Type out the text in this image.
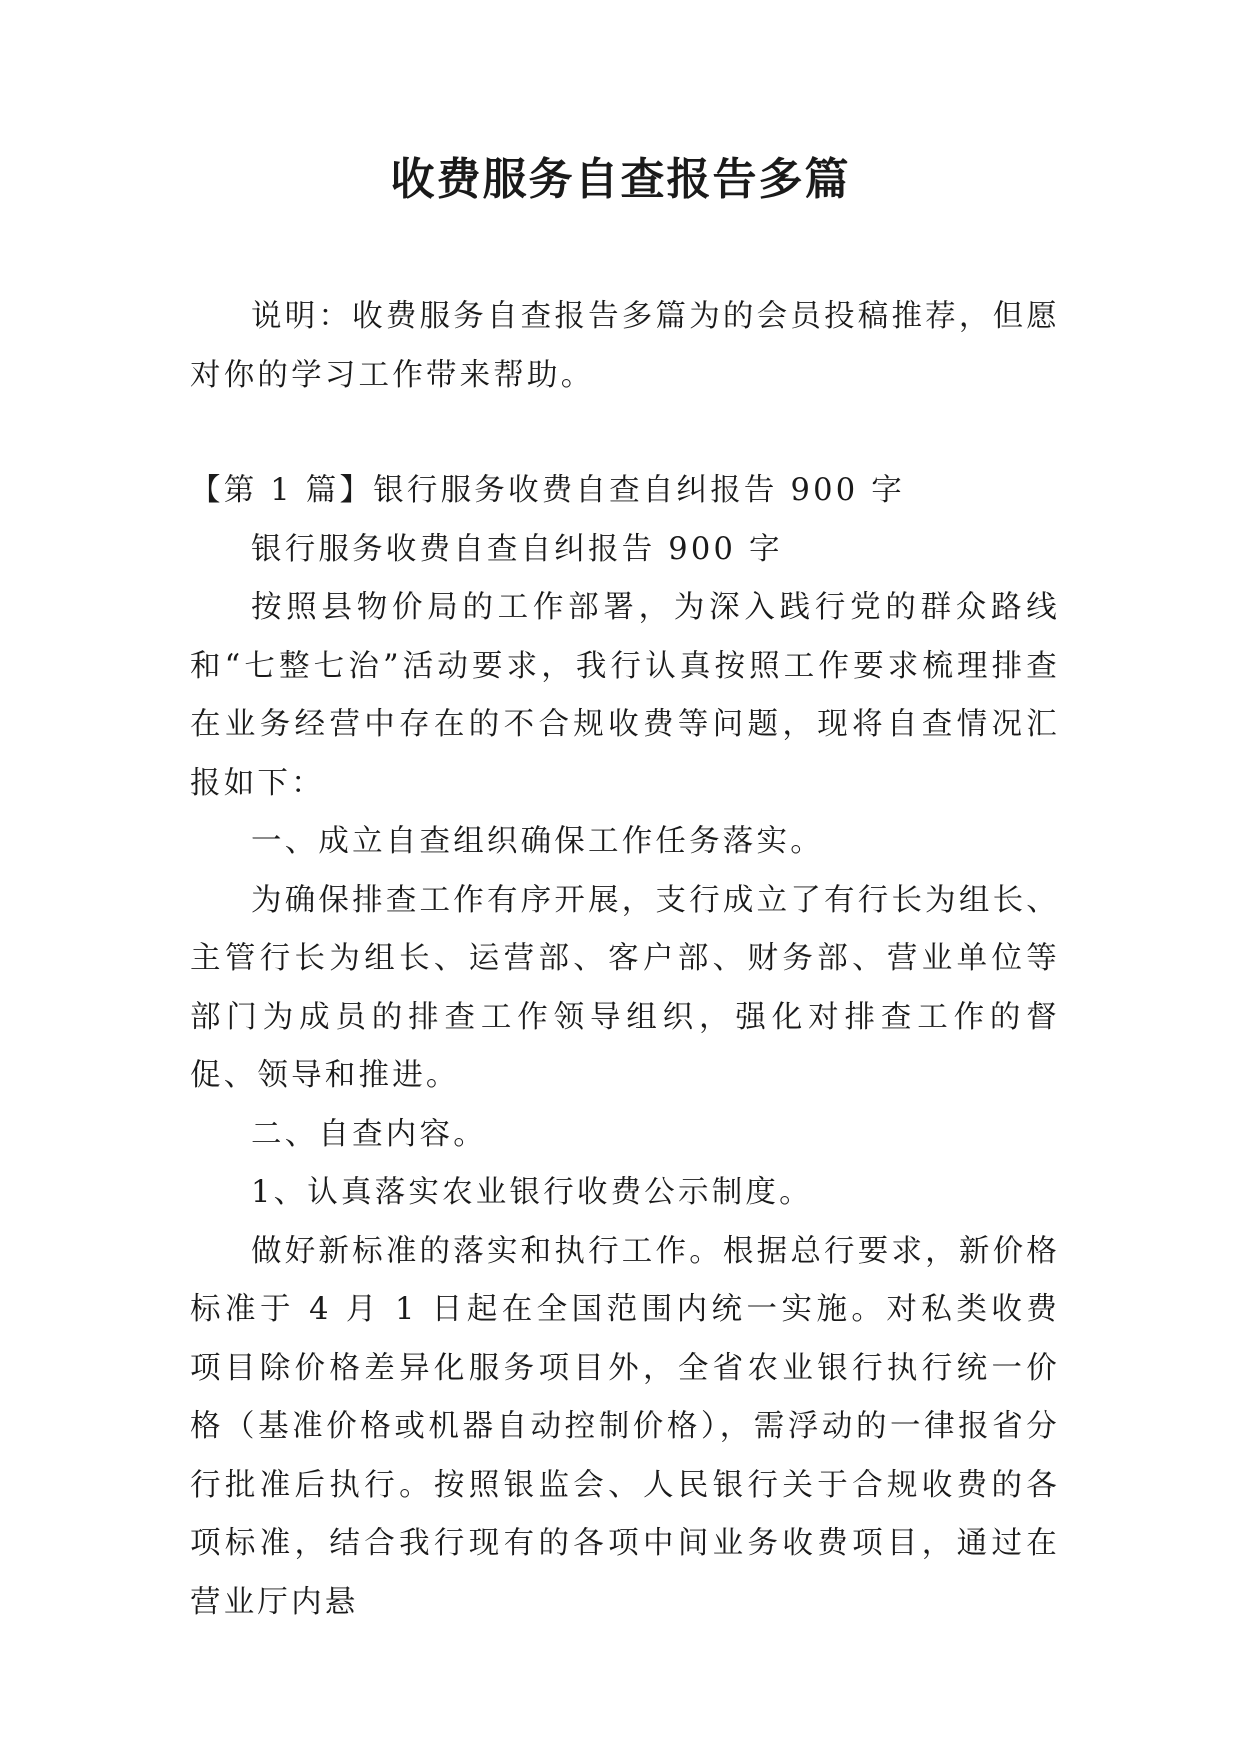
收费服务自查报告多篇

说明：收费服务自查报告多篇为的会员投稿推荐，但愿对你的学习工作带来帮助。

【第 1 篇】银行服务收费自查自纠报告 900 字

银行服务收费自查自纠报告 900 字

按照县物价局的工作部署，为深入践行党的群众路线和“七整七治”活动要求，我行认真按照工作要求梳理排查在业务经营中存在的不合规收费等问题，现将自查情况汇报如下：

一、成立自查组织确保工作任务落实。

为确保排查工作有序开展，支行成立了有行长为组长、主管行长为组长、运营部、客户部、财务部、营业单位等部门为成员的排查工作领导组织，强化对排查工作的督促、领导和推进。

二、自查内容。

1、认真落实农业银行收费公示制度。

做好新标准的落实和执行工作。根据总行要求，新价格标准于 4 月 1 日起在全国范围内统一实施。对私类收费项目除价格差异化服务项目外，全省农业银行执行统一价格（基准价格或机器自动控制价格），需浮动的一律报省分行批准后执行。按照银监会、人民银行关于合规收费的各项标准，结合我行现有的各项中间业务收费项目，通过在营业厅内悬
